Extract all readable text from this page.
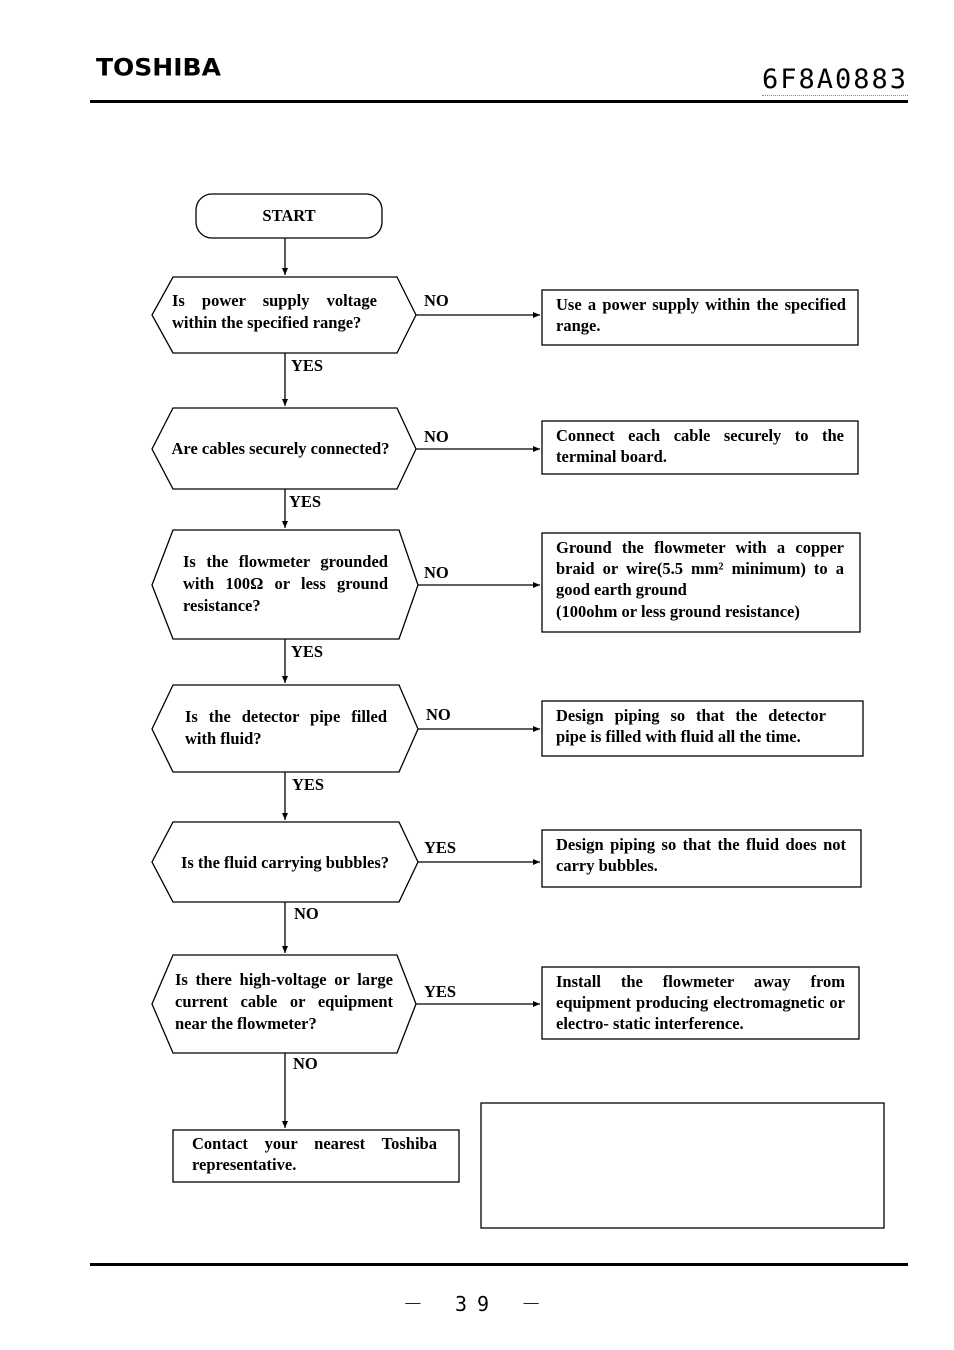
TOSHIBA	6F8A0883
START
Is power supply voltage within the specified range?
NO	Use a power supply within the specified range.
YES
Are cables securely connected?
NO	Connect each cable securely to the terminal board.
YES
Is the flowmeter grounded with 100Ω or less ground resistance?
NO
Ground the flowmeter with a copper braid or wire(5.5 mm² minimum) to a good earth ground
(100ohm or less ground resistance)
YES
Is the detector pipe filled with fluid?
NO	Design piping so that the detector pipe is filled with fluid all the time.
YES
Is the fluid carrying bubbles?
YES	Design piping so that the fluid does not carry bubbles.
NO
Is there high-voltage or large current cable or equipment near the flowmeter?
YES
Install the flowmeter away from equipment producing electromagnetic or electro- static interference.
NO
Contact your nearest Toshiba representative.
－ 39 －
